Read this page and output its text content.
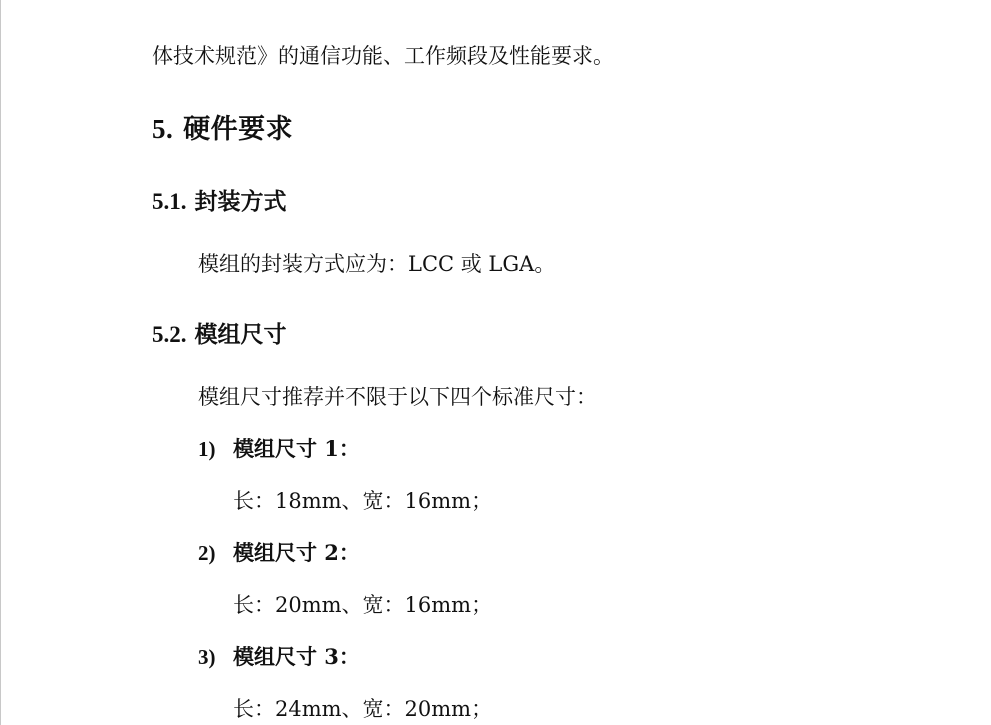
体技术规范》的通信功能、工作频段及性能要求。
5. 硬件要求
5.1. 封装方式
模组的封装方式应为：LCC 或 LGA。
5.2. 模组尺寸
模组尺寸推荐并不限于以下四个标准尺寸：
1) 模组尺寸 1：
长：18mm、宽：16mm；
2) 模组尺寸 2：
长：20mm、宽：16mm；
3) 模组尺寸 3：
长：24mm、宽：20mm；
